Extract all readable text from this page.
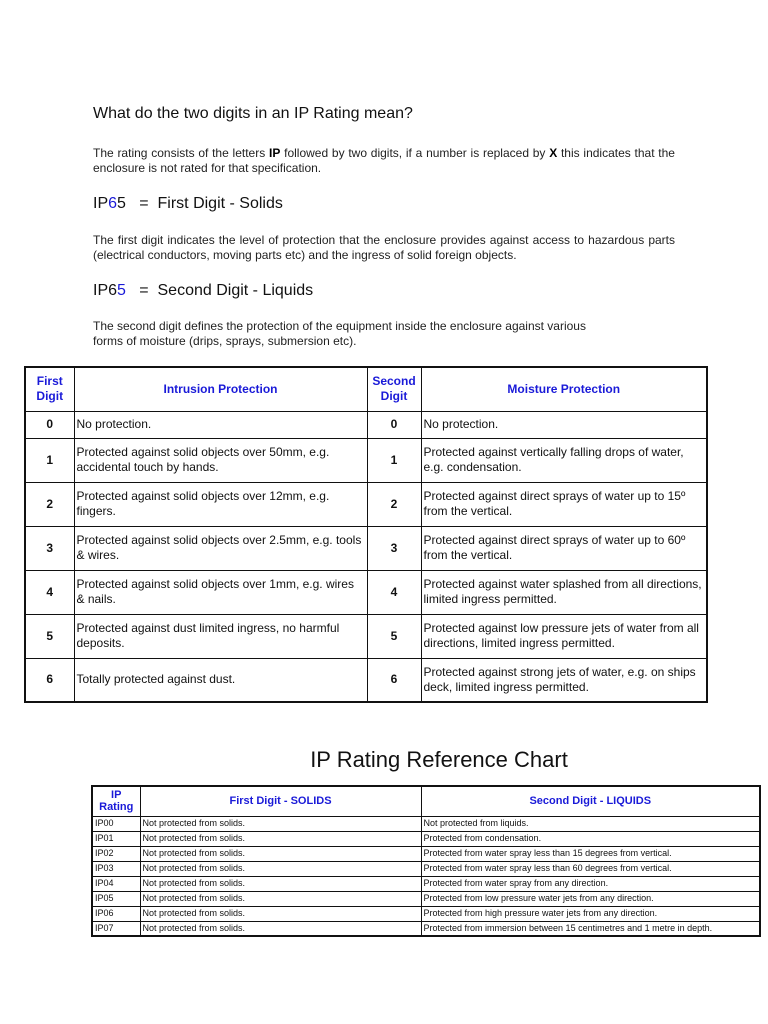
What do the two digits in an IP Rating mean?
The rating consists of the letters IP followed by two digits, if a number is replaced by X this indicates that the enclosure is not rated for that specification.
IP65 =  First Digit - Solids
The first digit indicates the level of protection that the enclosure provides against access to hazardous parts (electrical conductors, moving parts etc) and the ingress of solid foreign objects.
IP65 =  Second Digit - Liquids
The second digit defines the protection of the equipment inside the enclosure against various
forms of moisture (drips, sprays, submersion etc).
First Digit	Intrusion Protection	Second Digit	Moisture Protection
0	No protection.	0	No protection.
1	Protected against solid objects over 50mm, e.g. accidental touch by hands.	1	Protected against vertically falling drops of water, e.g. condensation.
2	Protected against solid objects over 12mm, e.g. fingers.	2	Protected against direct sprays of water up to 15º from the vertical.
3	Protected against solid objects over 2.5mm, e.g. tools & wires.	3	Protected against direct sprays of water up to 60º from the vertical.
4	Protected against solid objects over 1mm, e.g. wires & nails.	4	Protected against water splashed from all directions, limited ingress permitted.
5	Protected against dust limited ingress, no harmful deposits.	5	Protected against low pressure jets of water from all directions, limited ingress permitted.
6	Totally protected against dust.	6	Protected against strong jets of water, e.g. on ships deck, limited ingress permitted.
IP Rating Reference Chart
IP Rating	First Digit - SOLIDS	Second Digit - LIQUIDS
IP00	Not protected from solids.	Not protected from liquids.
IP01	Not protected from solids.	Protected from condensation.
IP02	Not protected from solids.	Protected from water spray less than 15 degrees from vertical.
IP03	Not protected from solids.	Protected from water spray less than 60 degrees from vertical.
IP04	Not protected from solids.	Protected from water spray from any direction.
IP05	Not protected from solids.	Protected from low pressure water jets from any direction.
IP06	Not protected from solids.	Protected from high pressure water jets from any direction.
IP07	Not protected from solids.	Protected from immersion between 15 centimetres and 1 metre in depth.
